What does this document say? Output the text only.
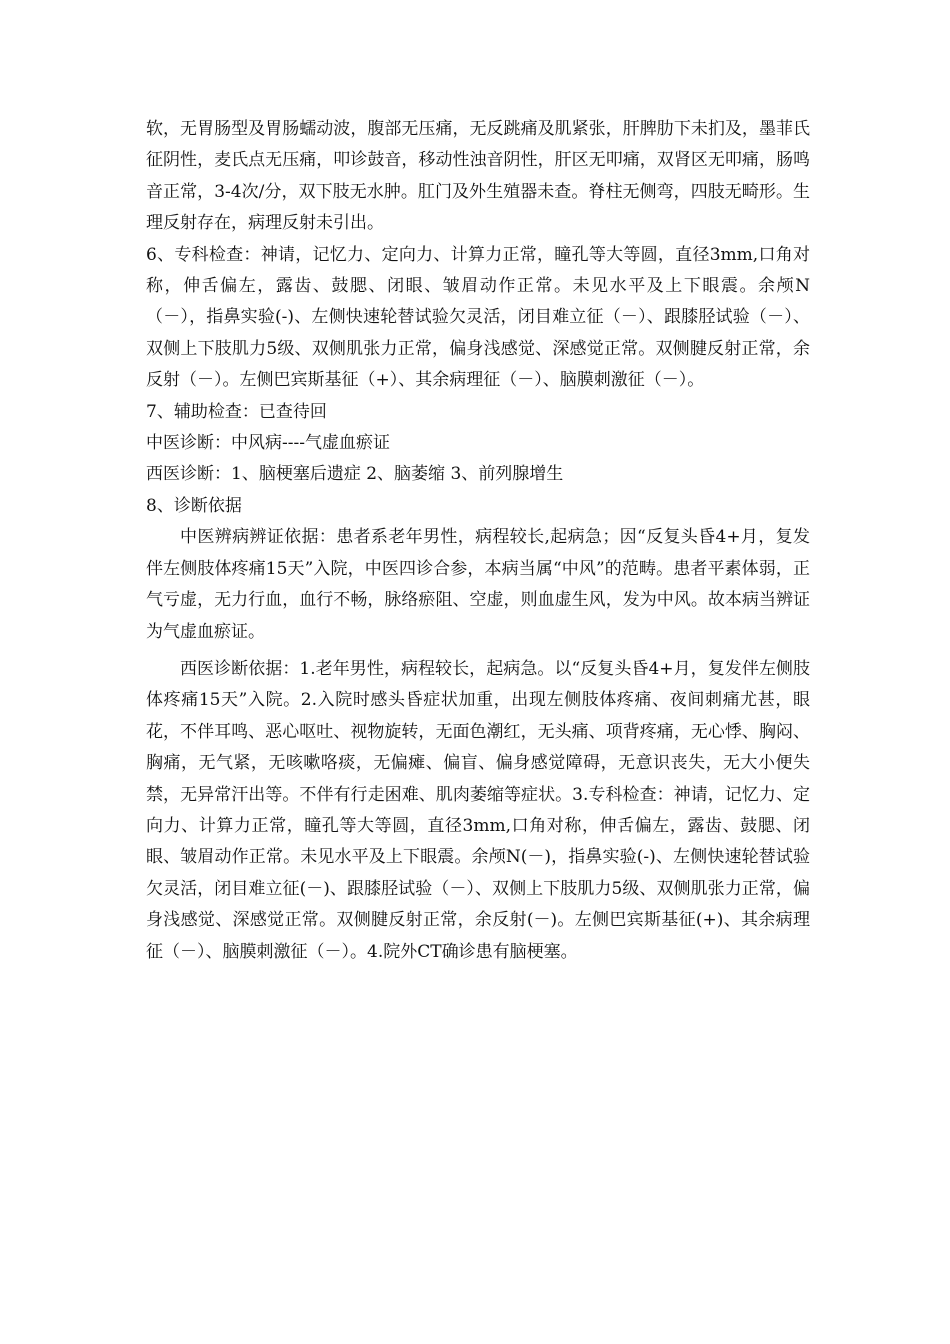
软，无胃肠型及胃肠蠕动波，腹部无压痛，无反跳痛及肌紧张，肝脾肋下未扪及，墨菲氏征阴性，麦氏点无压痛，叩诊鼓音，移动性浊音阴性，肝区无叩痛，双肾区无叩痛，肠鸣音正常，3-4次/分，双下肢无水肿。肛门及外生殖器未查。脊柱无侧弯，四肢无畸形。生理反射存在，病理反射未引出。

6、专科检查：神请，记忆力、定向力、计算力正常，瞳孔等大等圆，直径3mm,口角对称，伸舌偏左，露齿、鼓腮、闭眼、皱眉动作正常。未见水平及上下眼震。余颅N（－），指鼻实验(-)、左侧快速轮替试验欠灵活，闭目难立征（－）、跟膝胫试验（－）、双侧上下肢肌力5级、双侧肌张力正常，偏身浅感觉、深感觉正常。双侧腱反射正常，余反射（－）。左侧巴宾斯基征（+）、其余病理征（－）、脑膜刺激征（－）。

7、辅助检查：已查待回

中医诊断：中风病----气虚血瘀证

西医诊断：1、脑梗塞后遗症 2、脑萎缩 3、前列腺增生

8、诊断依据

中医辨病辨证依据：患者系老年男性，病程较长,起病急；因“反复头昏4+月，复发伴左侧肢体疼痛15天”入院，中医四诊合参，本病当属“中风”的范畴。患者平素体弱，正气亏虚，无力行血，血行不畅，脉络瘀阻、空虚，则血虚生风，发为中风。故本病当辨证为气虚血瘀证。

西医诊断依据：1.老年男性，病程较长，起病急。以“反复头昏4+月，复发伴左侧肢体疼痛15天”入院。2.入院时感头昏症状加重，出现左侧肢体疼痛、夜间刺痛尤甚，眼花，不伴耳鸣、恶心呕吐、视物旋转，无面色潮红，无头痛、项背疼痛，无心悸、胸闷、胸痛，无气紧，无咳嗽咯痰，无偏瘫、偏盲、偏身感觉障碍，无意识丧失，无大小便失禁，无异常汗出等。不伴有行走困难、肌肉萎缩等症状。3.专科检查：神请，记忆力、定向力、计算力正常，瞳孔等大等圆，直径3mm,口角对称，伸舌偏左，露齿、鼓腮、闭眼、皱眉动作正常。未见水平及上下眼震。余颅N(－)，指鼻实验(-)、左侧快速轮替试验欠灵活，闭目难立征(－)、跟膝胫试验（－）、双侧上下肢肌力5级、双侧肌张力正常，偏身浅感觉、深感觉正常。双侧腱反射正常，余反射(－)。左侧巴宾斯基征(+)、其余病理征（－）、脑膜刺激征（－）。4.院外CT确诊患有脑梗塞。
